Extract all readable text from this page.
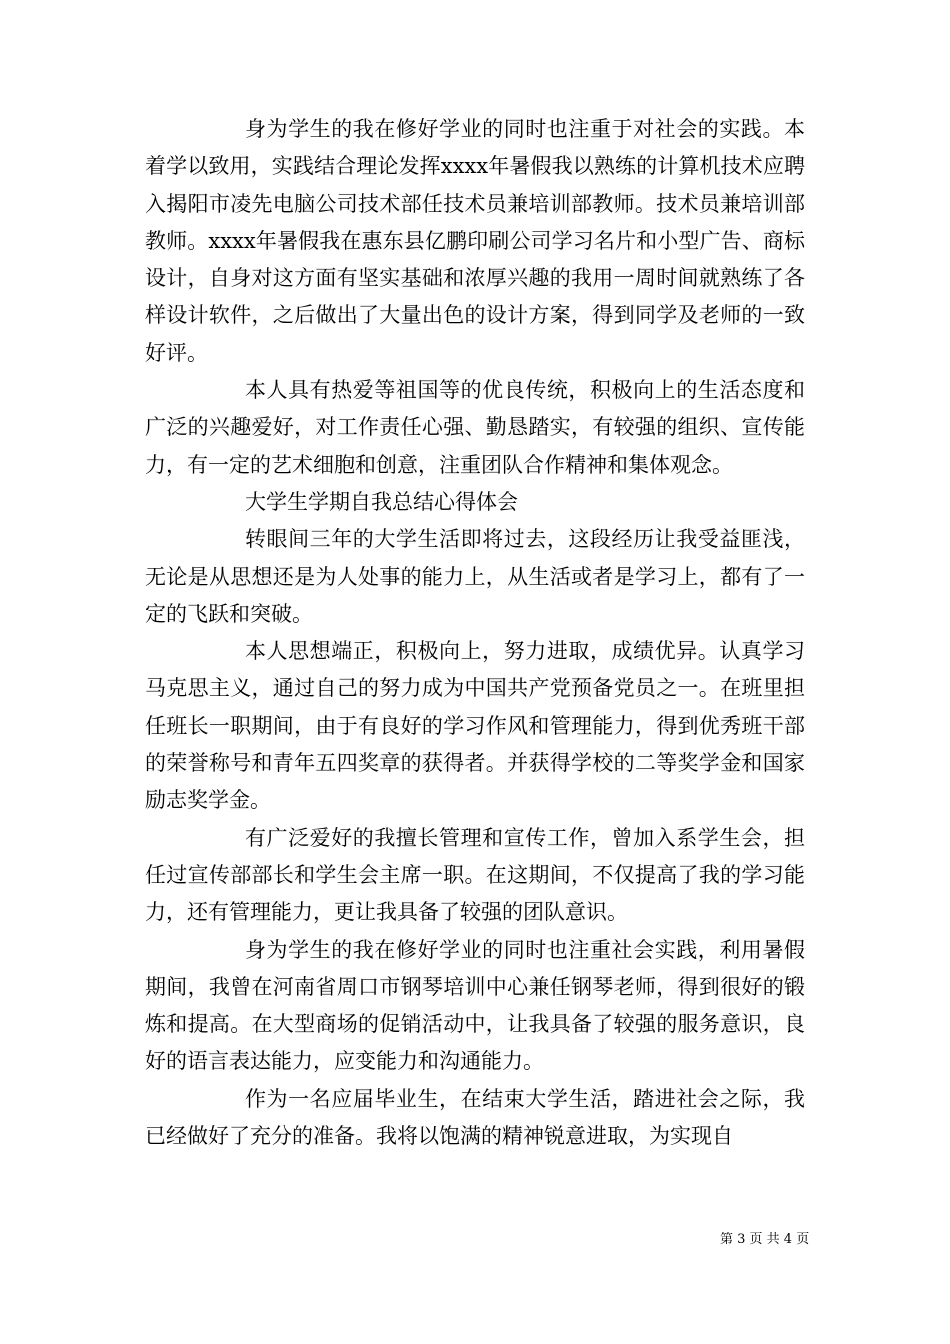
身为学生的我在修好学业的同时也注重于对社会的实践。本着学以致用，实践结合理论发挥xxxx年暑假我以熟练的计算机技术应聘入揭阳市凌先电脑公司技术部任技术员兼培训部教师。技术员兼培训部教师。xxxx年暑假我在惠东县亿鹏印刷公司学习名片和小型广告、商标设计，自身对这方面有坚实基础和浓厚兴趣的我用一周时间就熟练了各样设计软件，之后做出了大量出色的设计方案，得到同学及老师的一致好评。

本人具有热爱等祖国等的优良传统，积极向上的生活态度和广泛的兴趣爱好，对工作责任心强、勤恳踏实，有较强的组织、宣传能力，有一定的艺术细胞和创意，注重团队合作精神和集体观念。

大学生学期自我总结心得体会

转眼间三年的大学生活即将过去，这段经历让我受益匪浅，无论是从思想还是为人处事的能力上，从生活或者是学习上，都有了一定的飞跃和突破。

本人思想端正，积极向上，努力进取，成绩优异。认真学习马克思主义，通过自己的努力成为中国共产党预备党员之一。在班里担任班长一职期间，由于有良好的学习作风和管理能力，得到优秀班干部的荣誉称号和青年五四奖章的获得者。并获得学校的二等奖学金和国家励志奖学金。

有广泛爱好的我擅长管理和宣传工作，曾加入系学生会，担任过宣传部部长和学生会主席一职。在这期间，不仅提高了我的学习能力，还有管理能力，更让我具备了较强的团队意识。

身为学生的我在修好学业的同时也注重社会实践，利用暑假期间，我曾在河南省周口市钢琴培训中心兼任钢琴老师，得到很好的锻炼和提高。在大型商场的促销活动中，让我具备了较强的服务意识，良好的语言表达能力，应变能力和沟通能力。

作为一名应届毕业生，在结束大学生活，踏进社会之际，我已经做好了充分的准备。我将以饱满的精神锐意进取，为实现自

第 3 页 共 4 页
